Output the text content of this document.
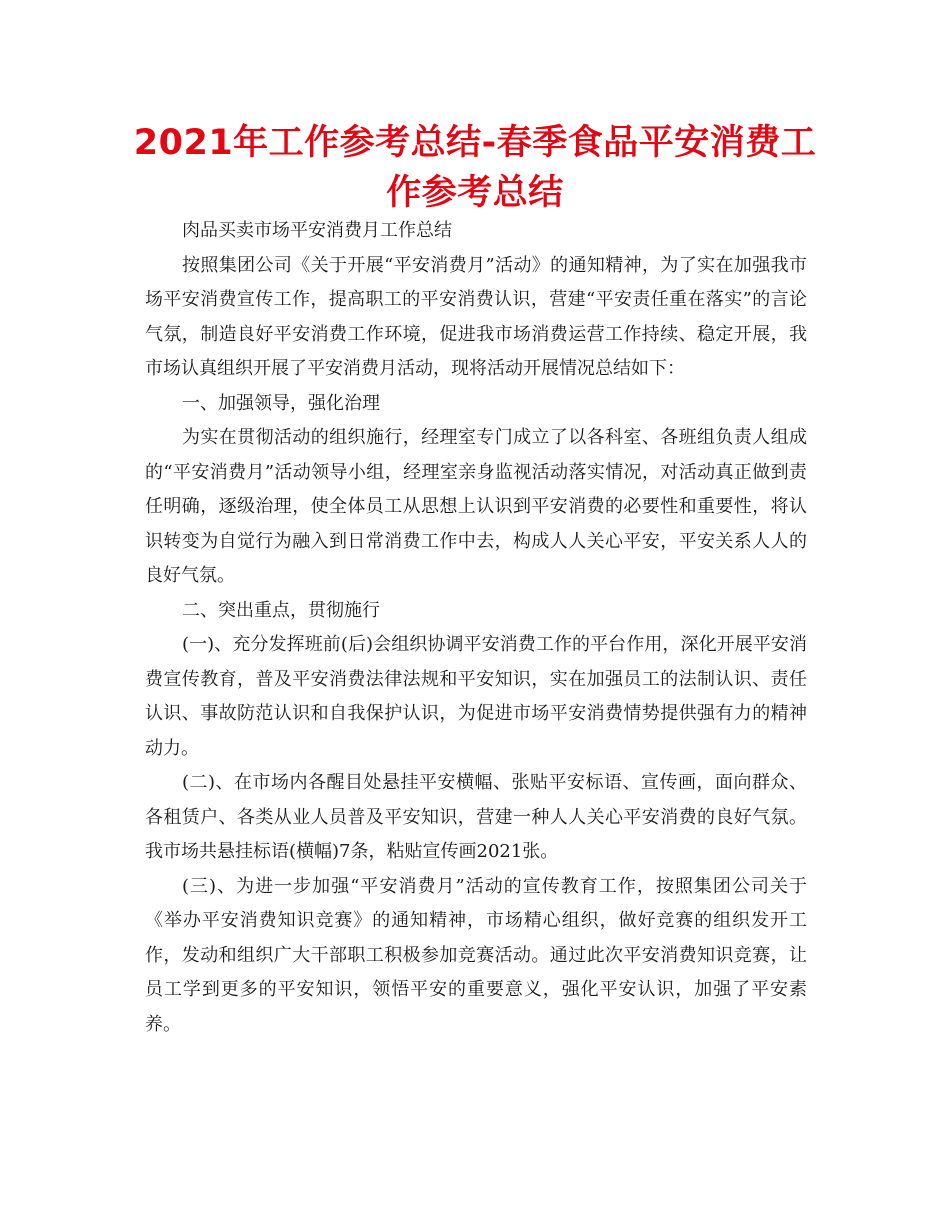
2021年工作参考总结-春季食品平安消费工作参考总结

肉品买卖市场平安消费月工作总结

按照集团公司《关于开展“平安消费月”活动》的通知精神，为了实在加强我市场平安消费宣传工作，提高职工的平安消费认识，营建“平安责任重在落实”的言论气氛，制造良好平安消费工作环境，促进我市场消费运营工作持续、稳定开展，我市场认真组织开展了平安消费月活动，现将活动开展情况总结如下：

一、加强领导，强化治理

为实在贯彻活动的组织施行，经理室专门成立了以各科室、各班组负责人组成的“平安消费月”活动领导小组，经理室亲身监视活动落实情况，对活动真正做到责任明确，逐级治理，使全体员工从思想上认识到平安消费的必要性和重要性，将认识转变为自觉行为融入到日常消费工作中去，构成人人关心平安，平安关系人人的良好气氛。

二、突出重点，贯彻施行

(一)、充分发挥班前(后)会组织协调平安消费工作的平台作用，深化开展平安消费宣传教育，普及平安消费法律法规和平安知识，实在加强员工的法制认识、责任认识、事故防范认识和自我保护认识，为促进市场平安消费情势提供强有力的精神动力。

(二)、在市场内各醒目处悬挂平安横幅、张贴平安标语、宣传画，面向群众、各租赁户、各类从业人员普及平安知识，营建一种人人关心平安消费的良好气氛。我市场共悬挂标语(横幅)7条，粘贴宣传画2021张。

(三)、为进一步加强“平安消费月”活动的宣传教育工作，按照集团公司关于《举办平安消费知识竞赛》的通知精神，市场精心组织，做好竞赛的组织发开工作，发动和组织广大干部职工积极参加竞赛活动。通过此次平安消费知识竞赛，让员工学到更多的平安知识，领悟平安的重要意义，强化平安认识，加强了平安素养。
